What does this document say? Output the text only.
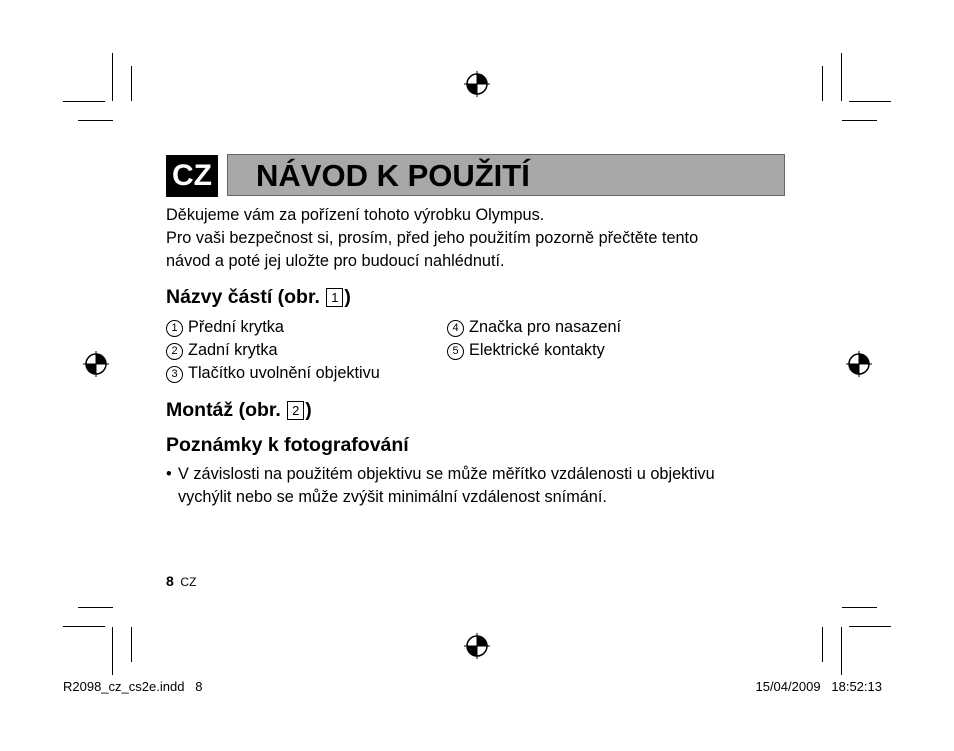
CZ NÁVOD K POUŽITÍ
Děkujeme vám za pořízení tohoto výrobku Olympus.
Pro vaši bezpečnost si, prosím, před jeho použitím pozorně přečtěte tento
návod a poté jej uložte pro budoucí nahlédnutí.
Názvy částí (obr. 1 )
1 Přední krytka
2 Zadní krytka
3 Tlačítko uvolnění objektivu
4 Značka pro nasazení
5 Elektrické kontakty
Montáž (obr. 2 )
Poznámky k fotografování
• V závislosti na použitém objektivu se může měřítko vzdálenosti u objektivu
vychýlit nebo se může zvýšit minimální vzdálenost snímání.
8 CZ
R2098_cz_cs2e.indd   8	15/04/2009   18:52:13
